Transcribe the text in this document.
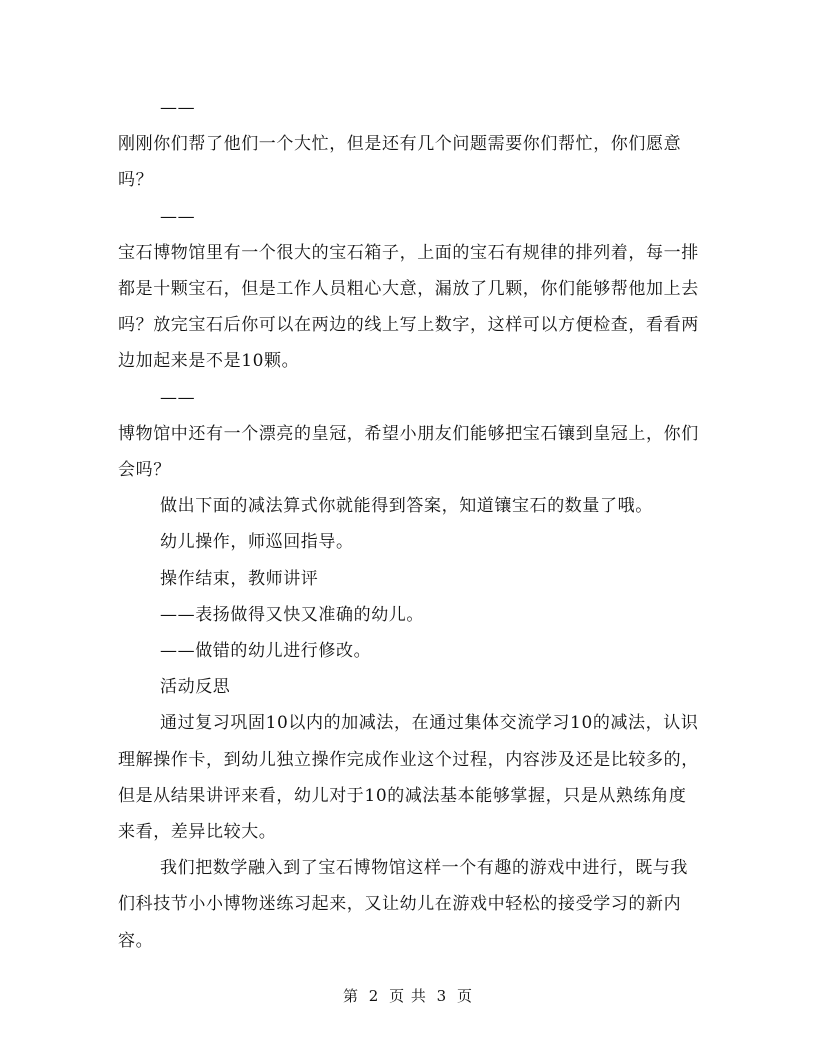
——

刚刚你们帮了他们一个大忙，但是还有几个问题需要你们帮忙，你们愿意吗？

——

宝石博物馆里有一个很大的宝石箱子，上面的宝石有规律的排列着，每一排都是十颗宝石，但是工作人员粗心大意，漏放了几颗，你们能够帮他加上去吗？放完宝石后你可以在两边的线上写上数字，这样可以方便检查，看看两边加起来是不是10颗。

——

博物馆中还有一个漂亮的皇冠，希望小朋友们能够把宝石镶到皇冠上，你们会吗？

做出下面的减法算式你就能得到答案，知道镶宝石的数量了哦。

幼儿操作，师巡回指导。

操作结束，教师讲评

——表扬做得又快又准确的幼儿。

——做错的幼儿进行修改。

活动反思

通过复习巩固10以内的加减法，在通过集体交流学习10的减法，认识理解操作卡，到幼儿独立操作完成作业这个过程，内容涉及还是比较多的，但是从结果讲评来看，幼儿对于10的减法基本能够掌握，只是从熟练角度来看，差异比较大。

我们把数学融入到了宝石博物馆这样一个有趣的游戏中进行，既与我们科技节小小博物迷练习起来，又让幼儿在游戏中轻松的接受学习的新内容。

第 2 页 共 3 页
